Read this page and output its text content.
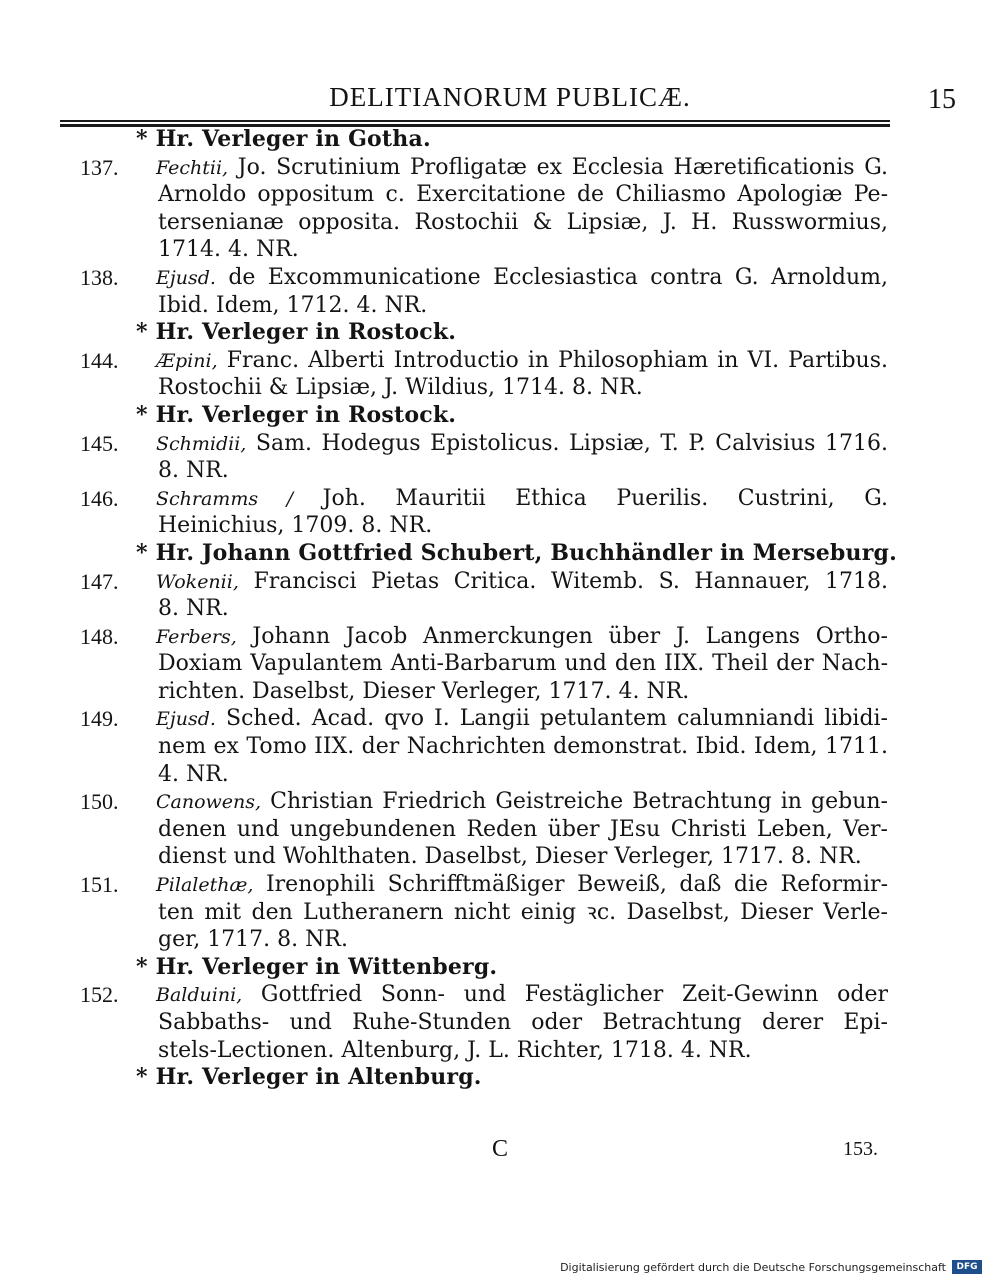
DELITIANORUM PUBLICÆ.	15
* Hr. Verleger in Gotha.
137.	Fechtii, Jo. Scrutinium Profligatæ ex Ecclesia Hæretificationis G.
Arnoldo oppositum c. Exercitatione de Chiliasmo Apologiæ Pe-
tersenianæ opposita. Rostochii & Lipsiæ, J. H. Russwormius,
1714. 4. NR.
138.	Ejusd. de Excommunicatione Ecclesiastica contra G. Arnoldum,
Ibid. Idem, 1712. 4. NR.
* Hr. Verleger in Rostock.
144.	Æpini, Franc. Alberti Introductio in Philosophiam in VI. Partibus.
Rostochii & Lipsiæ, J. Wildius, 1714. 8. NR.
* Hr. Verleger in Rostock.
145.	Schmidii, Sam. Hodegus Epistolicus. Lipsiæ, T. P. Calvisius 1716.
8. NR.
146.	Schramms / Joh. Mauritii Ethica Puerilis. Custrini, G.
Heinichius, 1709. 8. NR.
* Hr. Johann Gottfried Schubert, Buchhändler in Merseburg.
147.	Wokenii, Francisci Pietas Critica. Witemb. S. Hannauer, 1718.
8. NR.
148.	Ferbers, Johann Jacob Anmerckungen über J. Langens Ortho-
Doxiam Vapulantem Anti-Barbarum und den IIX. Theil der Nach-
richten. Daselbst, Dieser Verleger, 1717. 4. NR.
149.	Ejusd. Sched. Acad. qvo I. Langii petulantem calumniandi libidi-
nem ex Tomo IIX. der Nachrichten demonstrat. Ibid. Idem, 1711.
4. NR.
150.	Canowens, Christian Friedrich Geistreiche Betrachtung in gebun-
denen und ungebundenen Reden über JEsu Christi Leben, Ver-
dienst und Wohlthaten. Daselbst, Dieser Verleger, 1717. 8. NR.
151.	Pilalethæ, Irenophili Schrifftmäßiger Beweiß, daß die Reformir-
ten mit den Lutheranern nicht einig ꝛc. Daselbst, Dieser Verle-
ger, 1717. 8. NR.
* Hr. Verleger in Wittenberg.
152.	Balduini, Gottfried Sonn- und Festäglicher Zeit-Gewinn oder
Sabbaths- und Ruhe-Stunden oder Betrachtung derer Epi-
stels-Lectionen. Altenburg, J. L. Richter, 1718. 4. NR.
* Hr. Verleger in Altenburg.
C	153.
Digitalisierung gefördert durch die Deutsche Forschungsgemeinschaft	DFG
